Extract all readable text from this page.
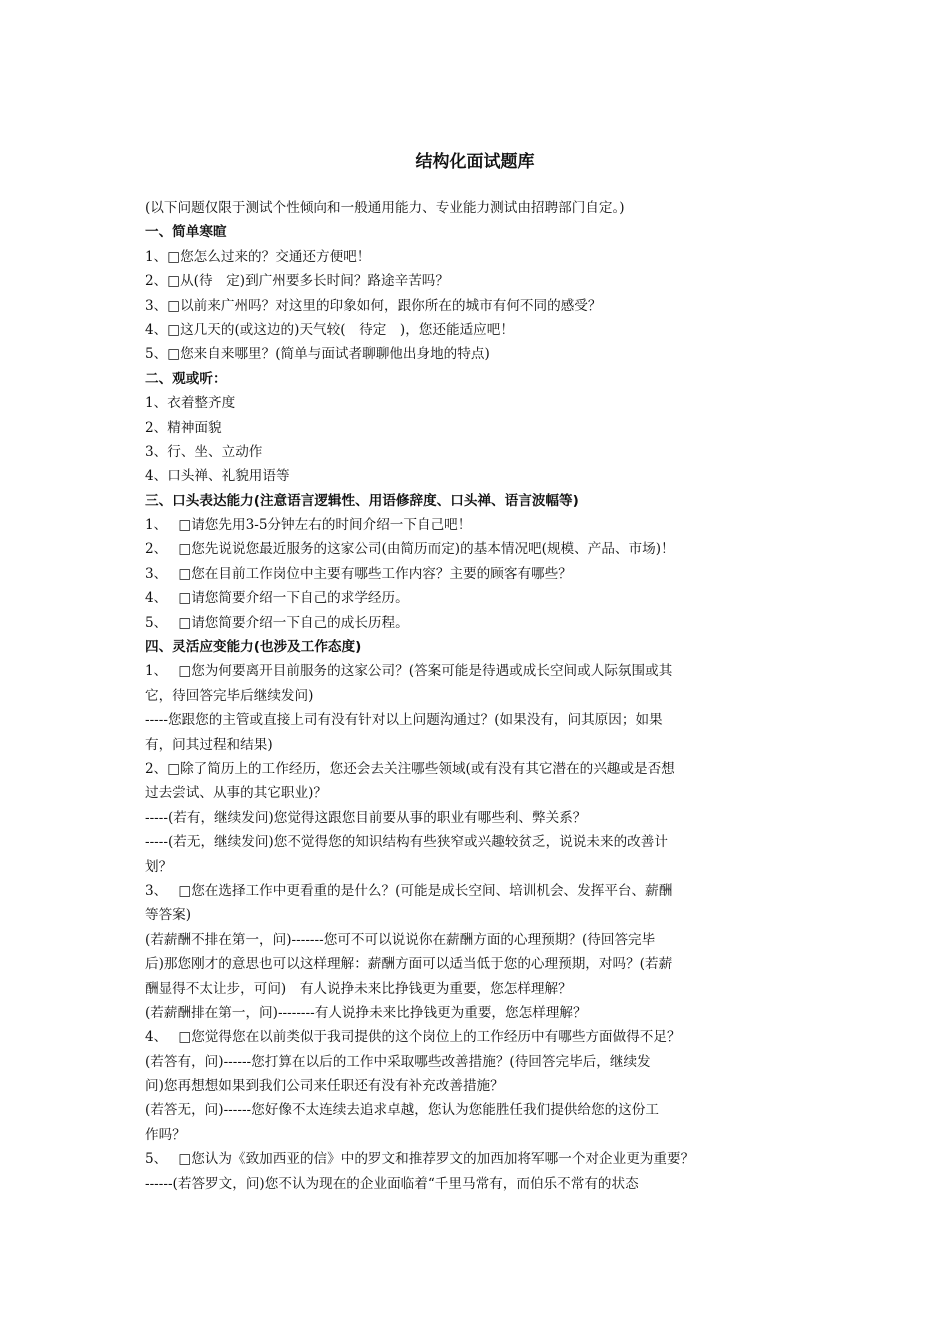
结构化面试题库
(以下问题仅限于测试个性倾向和一般通用能力、专业能力测试由招聘部门自定。)
一、简单寒暄
1、□您怎么过来的？交通还方便吧！
2、□从(待　定)到广州要多长时间？路途辛苦吗？
3、□以前来广州吗？对这里的印象如何，跟你所在的城市有何不同的感受？
4、□这几天的(或这边的)天气较(　待定　)，您还能适应吧！
5、□您来自来哪里？(简单与面试者聊聊他出身地的特点)
二、观或听：
1、衣着整齐度
2、精神面貌
3、行、坐、立动作
4、口头禅、礼貌用语等
三、口头表达能力(注意语言逻辑性、用语修辞度、口头禅、语言波幅等)
1、　 □请您先用3-5分钟左右的时间介绍一下自己吧！
2、　 □您先说说您最近服务的这家公司(由简历而定)的基本情况吧(规模、产品、市场)！
3、　 □您在目前工作岗位中主要有哪些工作内容？主要的顾客有哪些？
4、　 □请您简要介绍一下自己的求学经历。
5、　 □请您简要介绍一下自己的成长历程。
四、灵活应变能力(也涉及工作态度)
1、　 □您为何要离开目前服务的这家公司？(答案可能是待遇或成长空间或人际氛围或其
它，待回答完毕后继续发问)
-----您跟您的主管或直接上司有没有针对以上问题沟通过？(如果没有，问其原因；如果
有，问其过程和结果)
2、□除了简历上的工作经历，您还会去关注哪些领域(或有没有其它潜在的兴趣或是否想
过去尝试、从事的其它职业)？
-----(若有，继续发问)您觉得这跟您目前要从事的职业有哪些利、弊关系？
-----(若无，继续发问)您不觉得您的知识结构有些狭窄或兴趣较贫乏，说说未来的改善计
划？
3、　 □您在选择工作中更看重的是什么？(可能是成长空间、培训机会、发挥平台、薪酬
等答案)
(若薪酬不排在第一，问)-------您可不可以说说你在薪酬方面的心理预期？(待回答完毕
后)那您刚才的意思也可以这样理解：薪酬方面可以适当低于您的心理预期，对吗？(若薪
酬显得不太让步，可问)　有人说挣未来比挣钱更为重要，您怎样理解？
(若薪酬排在第一，问)--------有人说挣未来比挣钱更为重要，您怎样理解？
4、　 □您觉得您在以前类似于我司提供的这个岗位上的工作经历中有哪些方面做得不足？
(若答有，问)------您打算在以后的工作中采取哪些改善措施？(待回答完毕后，继续发
问)您再想想如果到我们公司来任职还有没有补充改善措施？
(若答无，问)------您好像不太连续去追求卓越，您认为您能胜任我们提供给您的这份工
作吗？
5、　 □您认为《致加西亚的信》中的罗文和推荐罗文的加西加将军哪一个对企业更为重要？
------(若答罗文，问)您不认为现在的企业面临着“千里马常有，而伯乐不常有的状态
